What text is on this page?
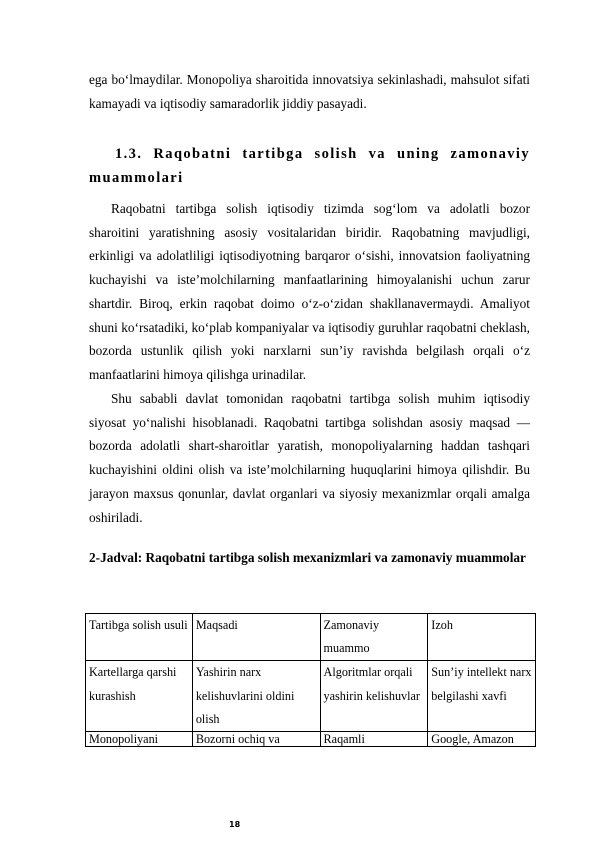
ega bo‘lmaydilar. Monopoliya sharoitida innovatsiya sekinlashadi, mahsulot sifati kamayadi va iqtisodiy samaradorlik jiddiy pasayadi.

1.3. Raqobatni tartibga solish va uning zamonaviy muammolari

Raqobatni tartibga solish iqtisodiy tizimda sog‘lom va adolatli bozor sharoitini yaratishning asosiy vositalaridan biridir. Raqobatning mavjudligi, erkinligi va adolatliligi iqtisodiyotning barqaror o‘sishi, innovatsion faoliyatning kuchayishi va iste’molchilarning manfaatlarining himoyalanishi uchun zarur shartdir. Biroq, erkin raqobat doimo o‘z-o‘zidan shakllanavermaydi. Amaliyot shuni ko‘rsatadiki, ko‘plab kompaniyalar va iqtisodiy guruhlar raqobatni cheklash, bozorda ustunlik qilish yoki narxlarni sun’iy ravishda belgilash orqali o‘z manfaatlarini himoya qilishga urinadilar.

Shu sababli davlat tomonidan raqobatni tartibga solish muhim iqtisodiy siyosat yo‘nalishi hisoblanadi. Raqobatni tartibga solishdan asosiy maqsad — bozorda adolatli shart-sharoitlar yaratish, monopoliyalarning haddan tashqari kuchayishini oldini olish va iste’molchilarning huquqlarini himoya qilishdir. Bu jarayon maxsus qonunlar, davlat organlari va siyosiy mexanizmlar orqali amalga oshiriladi.

2-Jadval: Raqobatni tartibga solish mexanizmlari va zamonaviy muammolar
Tartibga solish usuli	Maqsadi	Zamonaviy muammo	Izoh
Kartellarga qarshi kurashish	Yashirin narx kelishuvlarini oldini olish	Algoritmlar orqali yashirin kelishuvlar	Sun’iy intellekt narx belgilashi xavfi
Monopoliyani	Bozorni ochiq va	Raqamli	Google, Amazon
18
